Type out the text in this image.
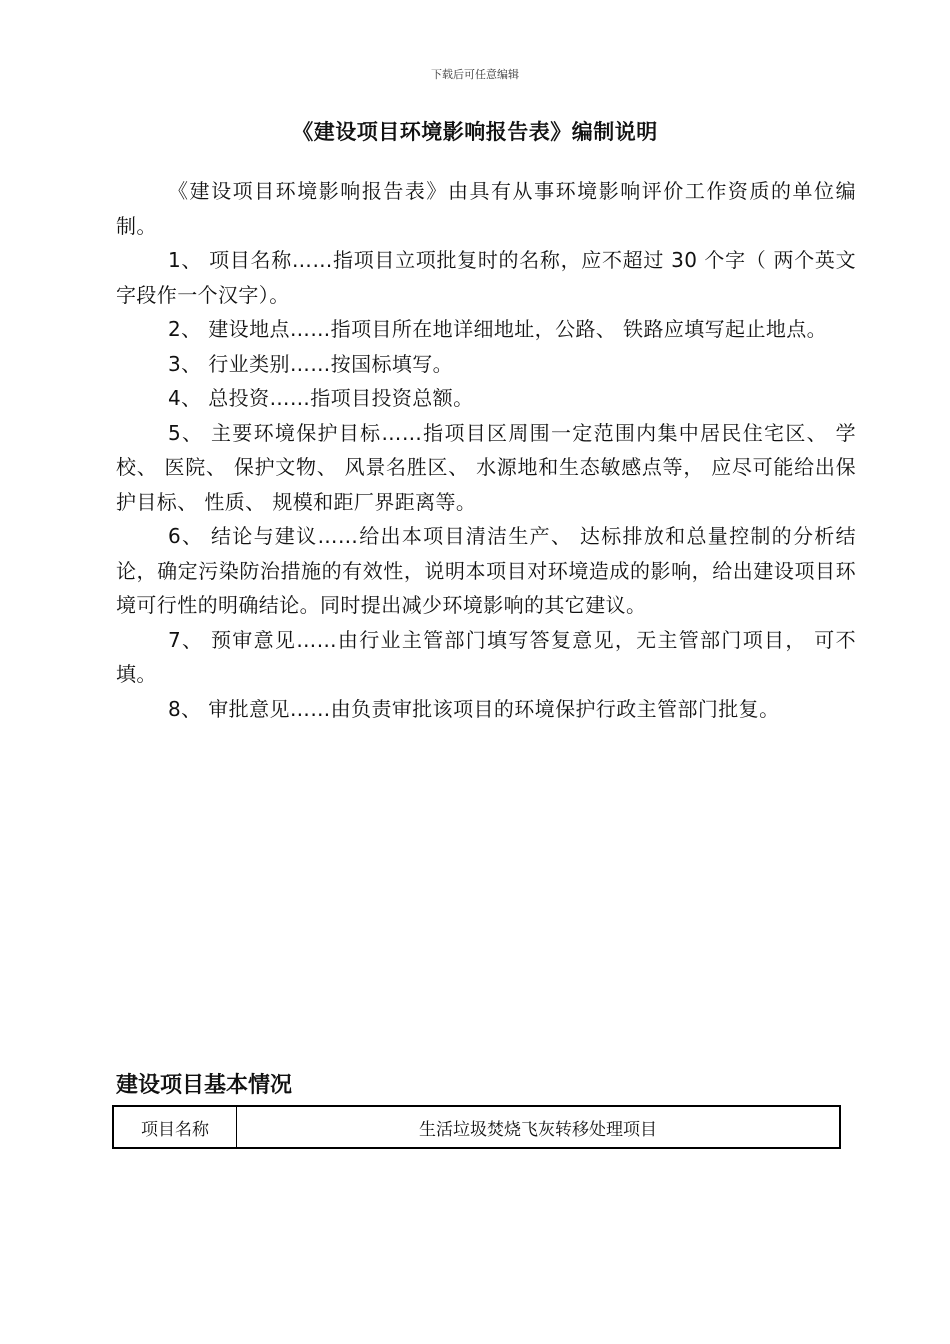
下载后可任意编辑
《建设项目环境影响报告表》编制说明

《建设项目环境影响报告表》由具有从事环境影响评价工作资质的单位编制。

1、 项目名称……指项目立项批复时的名称，应不超过 30 个字（ 两个英文字段作一个汉字）。

2、 建设地点……指项目所在地详细地址，公路、 铁路应填写起止地点。

3、 行业类别……按国标填写。

4、 总投资……指项目投资总额。

5、 主要环境保护目标……指项目区周围一定范围内集中居民住宅区、 学校、 医院、 保护文物、 风景名胜区、 水源地和生态敏感点等， 应尽可能给出保护目标、 性质、 规模和距厂界距离等。

6、 结论与建议……给出本项目清洁生产、 达标排放和总量控制的分析结论，确定污染防治措施的有效性，说明本项目对环境造成的影响，给出建设项目环境可行性的明确结论。同时提出减少环境影响的其它建议。

7、 预审意见……由行业主管部门填写答复意见，无主管部门项目， 可不填。

8、 审批意见……由负责审批该项目的环境保护行政主管部门批复。

建设项目基本情况
项目名称	生活垃圾焚烧飞灰转移处理项目
